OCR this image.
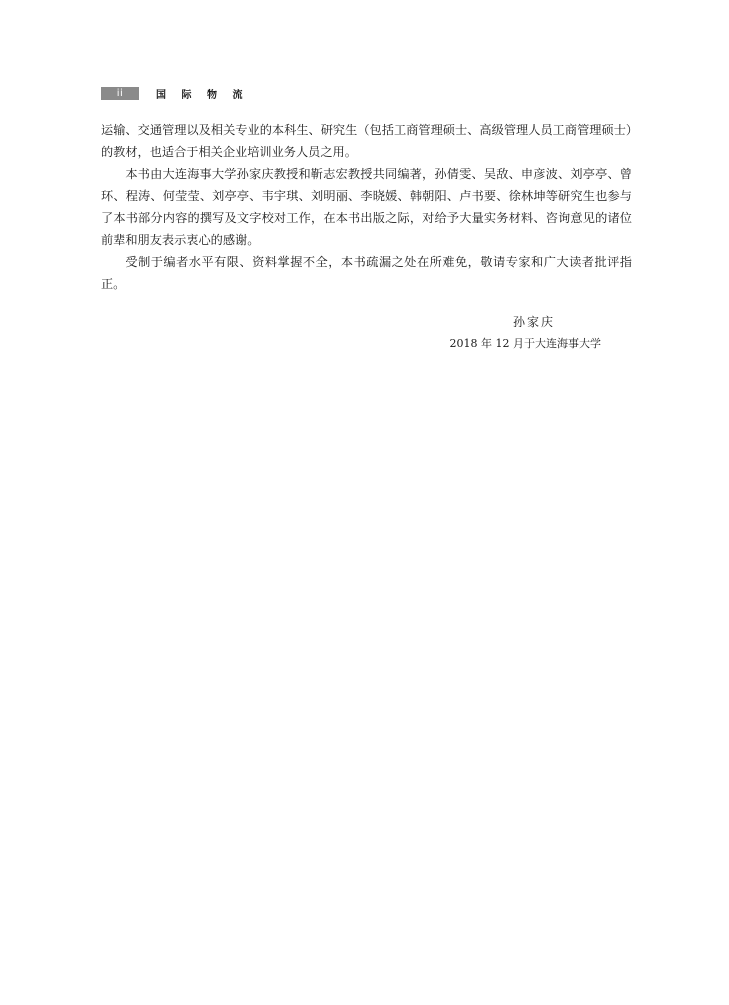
ii	国 际 物 流

运输、交通管理以及相关专业的本科生、研究生（包括工商管理硕士、高级管理人员工商管理硕士）的教材，也适合于相关企业培训业务人员之用。

本书由大连海事大学孙家庆教授和靳志宏教授共同编著，孙倩雯、吴敌、申彦波、刘亭亭、曾环、程涛、何莹莹、刘亭亭、韦宇琪、刘明丽、李晓媛、韩朝阳、卢书要、徐林坤等研究生也参与了本书部分内容的撰写及文字校对工作，在本书出版之际，对给予大量实务材料、咨询意见的诸位前辈和朋友表示衷心的感谢。

受制于编者水平有限、资料掌握不全，本书疏漏之处在所难免，敬请专家和广大读者批评指正。

孙家庆
2018 年 12 月于大连海事大学
